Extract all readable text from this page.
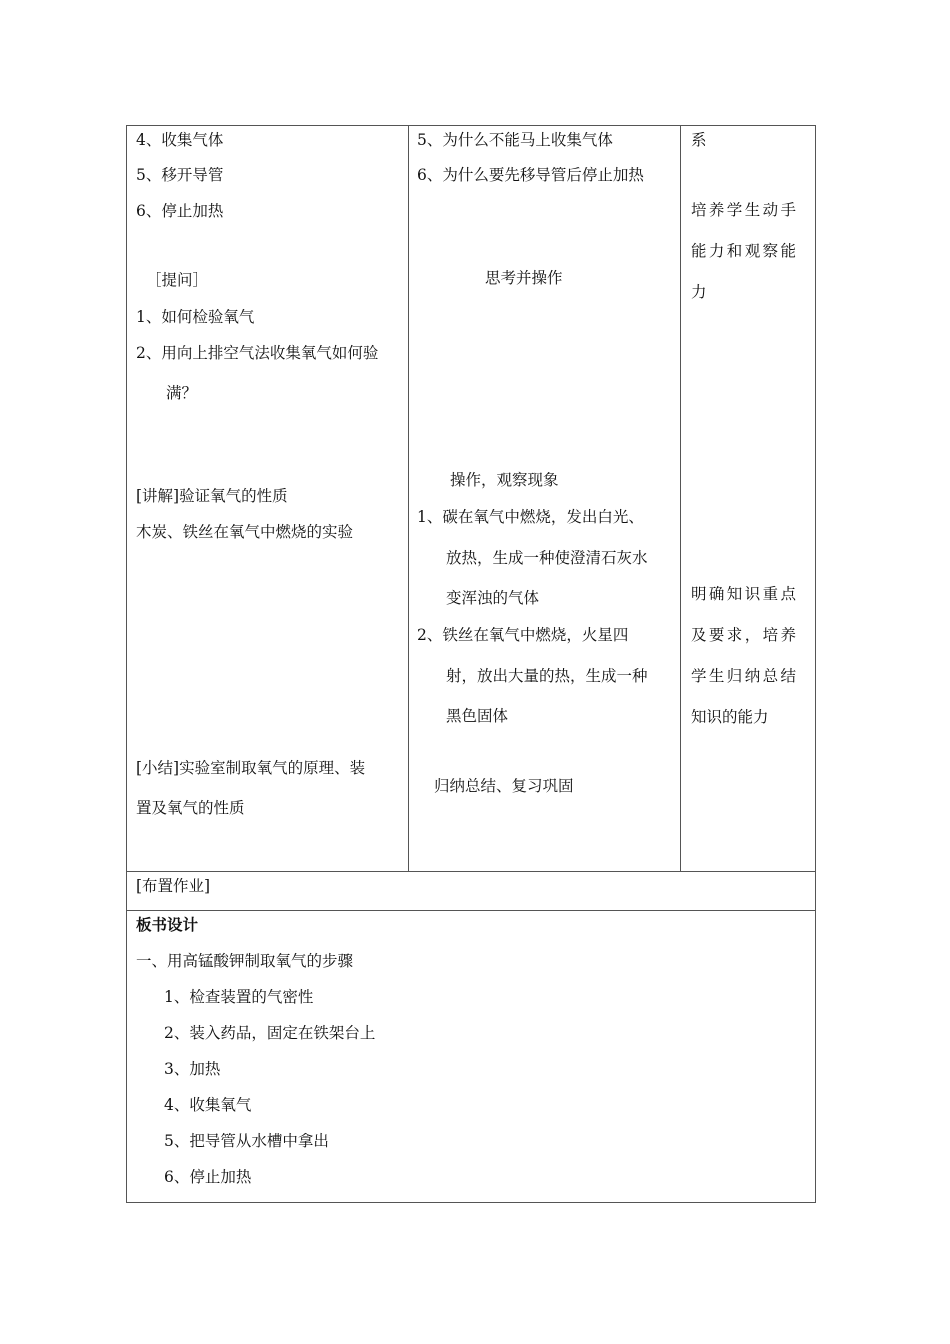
4、收集气体
5、移开导管
6、停止加热
［提问］
1、如何检验氧气
2、用向上排空气法收集氧气如何验
满？
[讲解]验证氧气的性质
木炭、铁丝在氧气中燃烧的实验
[小结]实验室制取氧气的原理、装
置及氧气的性质
5、为什么不能马上收集气体
6、为什么要先移导管后停止加热
思考并操作
操作，观察现象
1、碳在氧气中燃烧，发出白光、
放热，生成一种使澄清石灰水
变浑浊的气体
2、铁丝在氧气中燃烧，火星四
射，放出大量的热，生成一种
黑色固体
归纳总结、复习巩固
系
培养学生动手
能力和观察能
力
明确知识重点
及要求，培养
学生归纳总结
知识的能力
[布置作业]
板书设计
一、用高锰酸钾制取氧气的步骤
1、检查装置的气密性
2、装入药品，固定在铁架台上
3、加热
4、收集氧气
5、把导管从水槽中拿出
6、停止加热
